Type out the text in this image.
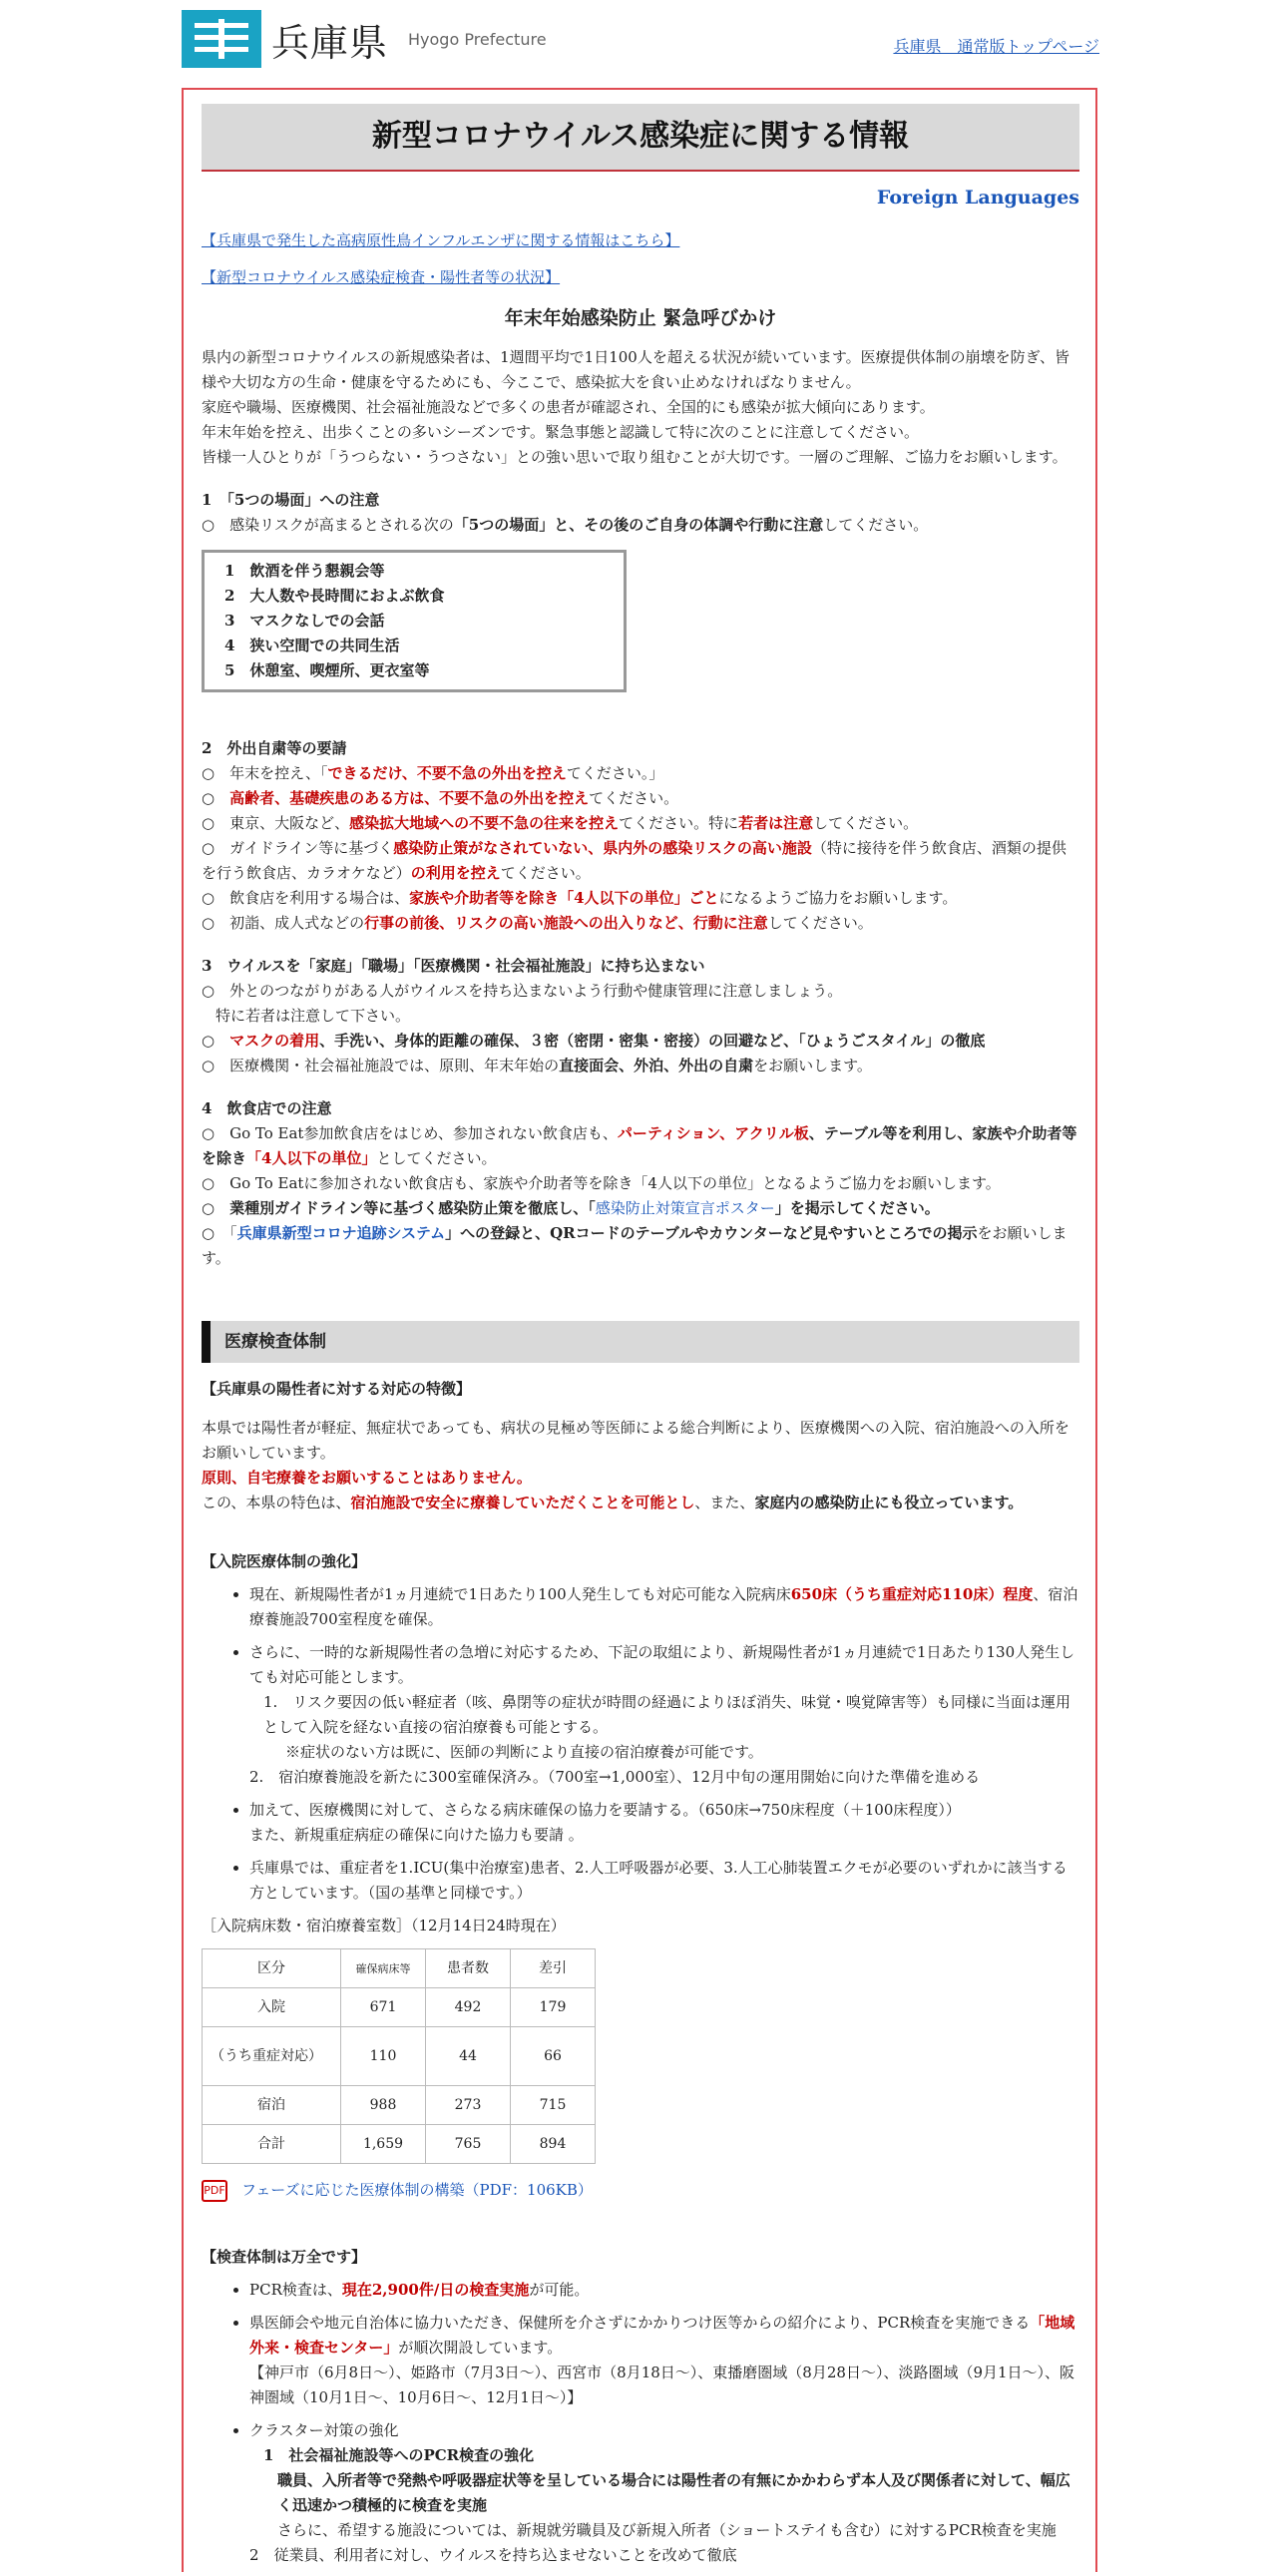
兵庫県 Hyogo Prefecture	兵庫県　通常版トップページ
新型コロナウイルス感染症に関する情報
Foreign Languages
【兵庫県で発生した高病原性鳥インフルエンザに関する情報はこちら】
【新型コロナウイルス感染症検査・陽性者等の状況】
年末年始感染防止 緊急呼びかけ

県内の新型コロナウイルスの新規感染者は、1週間平均で1日100人を超える状況が続いています。医療提供体制の崩壊を防ぎ、皆様や大切な方の生命・健康を守るためにも、今ここで、感染拡大を食い止めなければなりません。

家庭や職場、医療機関、社会福祉施設などで多くの患者が確認され、全国的にも感染が拡大傾向にあります。

年末年始を控え、出歩くことの多いシーズンです。緊急事態と認識して特に次のことに注意してください。

皆様一人ひとりが「うつらない・うつさない」との強い思いで取り組むことが大切です。一層のご理解、ご協力をお願いします。

1　「5つの場面」への注意

○　感染リスクが高まるとされる次の「5つの場面」と、その後のご自身の体調や行動に注意してください。

1　飲酒を伴う懇親会等
2　大人数や長時間におよぶ飲食
3　マスクなしでの会話
4　狭い空間での共同生活
5　休憩室、喫煙所、更衣室等
2　外出自粛等の要請

○　年末を控え、「できるだけ、不要不急の外出を控えてください。」

○　高齢者、基礎疾患のある方は、不要不急の外出を控えてください。

○　東京、大阪など、感染拡大地域への不要不急の往来を控えてください。特に若者は注意してください。

○　ガイドライン等に基づく感染防止策がなされていない、県内外の感染リスクの高い施設（特に接待を伴う飲食店、酒類の提供を行う飲食店、カラオケなど）の利用を控えてください。

○　飲食店を利用する場合は、家族や介助者等を除き「4人以下の単位」ごとになるようご協力をお願いします。

○　初詣、成人式などの行事の前後、リスクの高い施設への出入りなど、行動に注意してください。

3　ウイルスを「家庭」「職場」「医療機関・社会福祉施設」に持ち込まない

○　外とのつながりがある人がウイルスを持ち込まないよう行動や健康管理に注意しましょう。

特に若者は注意して下さい。

○　マスクの着用、手洗い、身体的距離の確保、３密（密閉・密集・密接）の回避など、「ひょうごスタイル」の徹底

○　医療機関・社会福祉施設では、原則、年末年始の直接面会、外泊、外出の自粛をお願いします。

4　飲食店での注意

○　Go To Eat参加飲食店をはじめ、参加されない飲食店も、パーティション、アクリル板、テーブル等を利用し、家族や介助者等を除き「4人以下の単位」としてください。

○　Go To Eatに参加されない飲食店も、家族や介助者等を除き「4人以下の単位」となるようご協力をお願いします。

○　業種別ガイドライン等に基づく感染防止策を徹底し、「感染防止対策宣言ポスター」を掲示してください。

○　「兵庫県新型コロナ追跡システム」への登録と、QRコードのテーブルやカウンターなど見やすいところでの掲示をお願いします。

医療検査体制
【兵庫県の陽性者に対する対応の特徴】

本県では陽性者が軽症、無症状であっても、病状の見極め等医師による総合判断により、医療機関への入院、宿泊施設への入所をお願いしています。

原則、自宅療養をお願いすることはありません。

この、本県の特色は、宿泊施設で安全に療養していただくことを可能とし、また、家庭内の感染防止にも役立っています。

【入院医療体制の強化】
• 現在、新規陽性者が1ヵ月連続で1日あたり100人発生しても対応可能な入院病床650床（うち重症対応110床）程度、宿泊療養施設700室程度を確保。
• さらに、一時的な新規陽性者の急増に対応するため、下記の取組により、新規陽性者が1ヵ月連続で1日あたり130人発生しても対応可能とします。

1.　リスク要因の低い軽症者（咳、鼻閉等の症状が時間の経過によりほぼ消失、味覚・嗅覚障害等）も同様に当面は運用として入院を経ない直接の宿泊療養も可能とする。
※症状のない方は既に、医師の判断により直接の宿泊療養が可能です。
2.　宿泊療養施設を新たに300室確保済み。（700室→1,000室）、12月中旬の運用開始に向けた準備を進める
• 加えて、医療機関に対して、さらなる病床確保の協力を要請する。（650床→750床程度（＋100床程度））
また、新規重症病症の確保に向けた協力も要請 。
• 兵庫県では、重症者を1.ICU(集中治療室)患者、2.人工呼吸器が必要、3.人工心肺装置エクモが必要のいずれかに該当する方としています。（国の基準と同様です。）

［入院病床数・宿泊療養室数］（12月14日24時現在）

区分	確保病床等	患者数	差引
入院	671	492	179
（うち重症対応）	110	44	66
宿泊	988	273	715
合計	1,659	765	894
PDF フェーズに応じた医療体制の構築（PDF：106KB）
【検査体制は万全です】
• PCR検査は、現在2,900件/日の検査実施が可能。
• 県医師会や地元自治体に協力いただき、保健所を介さずにかかりつけ医等からの紹介により、PCR検査を実施できる「地域外来・検査センター」が順次開設しています。
【神戸市（6月8日～）、姫路市（7月3日～）、西宮市（8月18日～）、東播磨圏域（8月28日～）、淡路圏域（9月1日～）、阪神圏域（10月1日～、10月6日～、12月1日～）】
• クラスター対策の強化

1　社会福祉施設等へのPCR検査の強化
職員、入所者等で発熱や呼吸器症状等を呈している場合には陽性者の有無にかかわらず本人及び関係者に対して、幅広く迅速かつ積極的に検査を実施
さらに、希望する施設については、新規就労職員及び新規入所者（ショートステイも含む）に対するPCR検査を実施
2　従業員、利用者に対し、ウイルスを持ち込ませないことを改めて徹底
